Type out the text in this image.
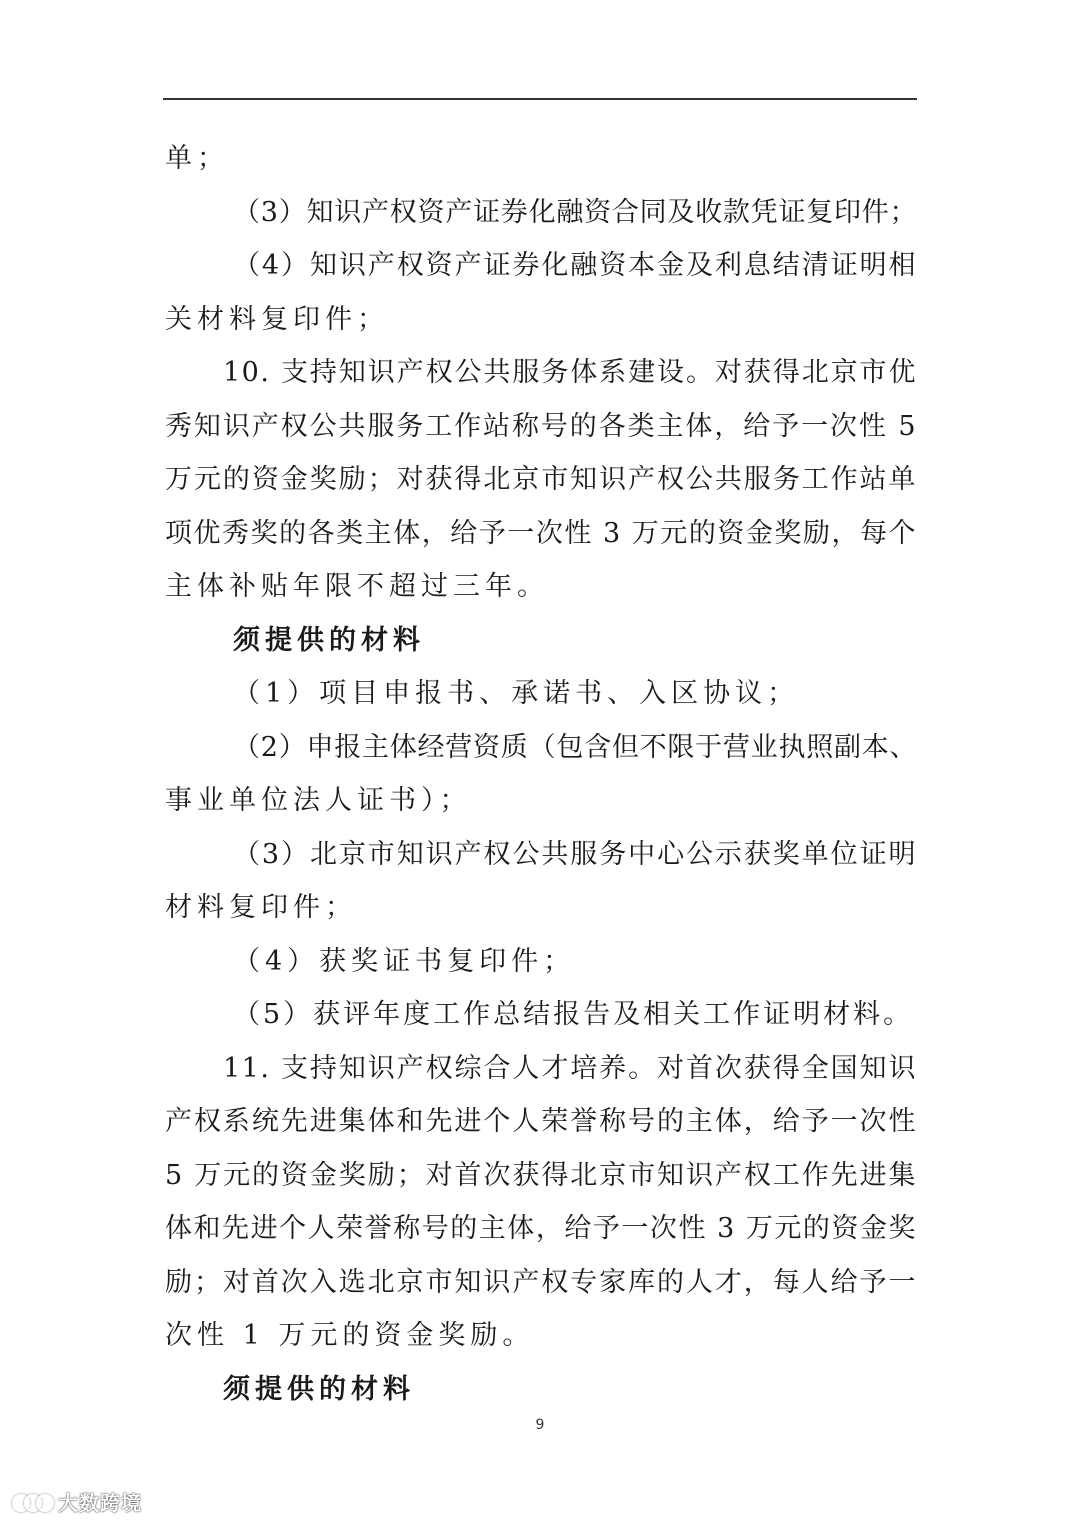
单；
（3）知识产权资产证券化融资合同及收款凭证复印件；
（4）知识产权资产证券化融资本金及利息结清证明相
关材料复印件；
10. 支持知识产权公共服务体系建设。对获得北京市优
秀知识产权公共服务工作站称号的各类主体，给予一次性 5
万元的资金奖励；对获得北京市知识产权公共服务工作站单
项优秀奖的各类主体，给予一次性 3 万元的资金奖励，每个
主体补贴年限不超过三年。
须提供的材料
（1）项目申报书、承诺书、入区协议；
（2）申报主体经营资质（包含但不限于营业执照副本、
事业单位法人证书）；
（3）北京市知识产权公共服务中心公示获奖单位证明
材料复印件；
（4）获奖证书复印件；
（5）获评年度工作总结报告及相关工作证明材料。
11. 支持知识产权综合人才培养。对首次获得全国知识
产权系统先进集体和先进个人荣誉称号的主体，给予一次性
5 万元的资金奖励；对首次获得北京市知识产权工作先进集
体和先进个人荣誉称号的主体，给予一次性 3 万元的资金奖
励；对首次入选北京市知识产权专家库的人才，每人给予一
次性 1 万元的资金奖励。
须提供的材料
9
大数跨境
